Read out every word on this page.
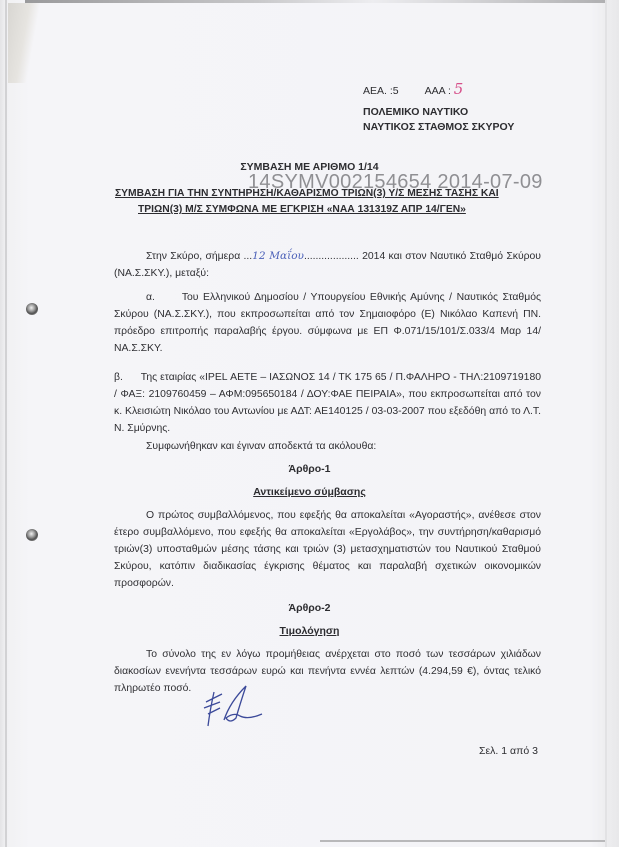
ΑΕΑ. :5 ΑΑΑ : 5
ΠΟΛΕΜΙΚΟ ΝΑΥΤΙΚΟ
ΝΑΥΤΙΚΟΣ ΣΤΑΘΜΟΣ ΣΚΥΡΟΥ
ΣΥΜΒΑΣΗ ΜΕ ΑΡΙΘΜΟ 1/14
ΣΥΜΒΑΣΗ ΓΙΑ ΤΗΝ ΣΥΝΤΗΡΗΣΗ/ΚΑΘΑΡΙΣΜΟ ΤΡΙΩΝ(3) Υ/Σ ΜΕΣΗΣ ΤΑΣΗΣ ΚΑΙ
ΤΡΙΩΝ(3) Μ/Σ ΣΥΜΦΩΝΑ ΜΕ ΕΓΚΡΙΣΗ «ΝΑΑ 131319Ζ ΑΠΡ 14/ΓΕΝ»
14SYMV002154654 2014-07-09
Στην Σκύρο, σήμερα ...12 Μαΐου................... 2014 και στον Ναυτικό Σταθμό Σκύρου (ΝΑ.Σ.ΣΚΥ.), μεταξύ:
α.	Του Ελληνικού Δημοσίου / Υπουργείου Εθνικής Αμύνης / Ναυτικός Σταθμός Σκύρου (ΝΑ.Σ.ΣΚΥ.), που εκπροσωπείται από τον Σημαιοφόρο (Ε) Νικόλαο Καπενή ΠΝ. πρόεδρο επιτροπής παραλαβής έργου. σύμφωνα με ΕΠ Φ.071/15/101/Σ.033/4 Μαρ 14/ΝΑ.Σ.ΣΚΥ.
β. Της εταιρίας «IPEL ΑΕΤΕ – ΙΑΣΩΝΟΣ 14 / ΤΚ 175 65 / Π.ΦΑΛΗΡΟ - ΤΗΛ:2109719180 / ΦΑΞ: 2109760459 – ΑΦΜ:095650184 / ΔΟΥ:ΦΑΕ ΠΕΙΡΑΙΑ», που εκπροσωπείται από τον κ. Κλεισιώτη Νικόλαο του Αντωνίου με ΑΔΤ: ΑΕ140125 / 03-03-2007 που εξεδόθη από το Λ.Τ. Ν. Σμύρνης.
Συμφωνήθηκαν και έγιναν αποδεκτά τα ακόλουθα:
Άρθρο-1
Αντικείμενο σύμβασης
Ο πρώτος συμβαλλόμενος, που εφεξής θα αποκαλείται «Αγοραστής», ανέθεσε στον έτερο συμβαλλόμενο, που εφεξής θα αποκαλείται «Εργολάβος», την συντήρηση/καθαρισμό τριών(3) υποσταθμών μέσης τάσης και τριών (3) μετασχηματιστών του Ναυτικού Σταθμού Σκύρου, κατόπιν διαδικασίας έγκρισης θέματος και παραλαβή σχετικών οικονομικών προσφορών.
Άρθρο-2
Τιμολόγηση
Το σύνολο της εν λόγω προμήθειας ανέρχεται στο ποσό των τεσσάρων χιλιάδων διακοσίων ενενήντα τεσσάρων ευρώ και πενήντα εννέα λεπτών (4.294,59 €), όντας τελικό πληρωτέο ποσό.
Σελ. 1 από 3
